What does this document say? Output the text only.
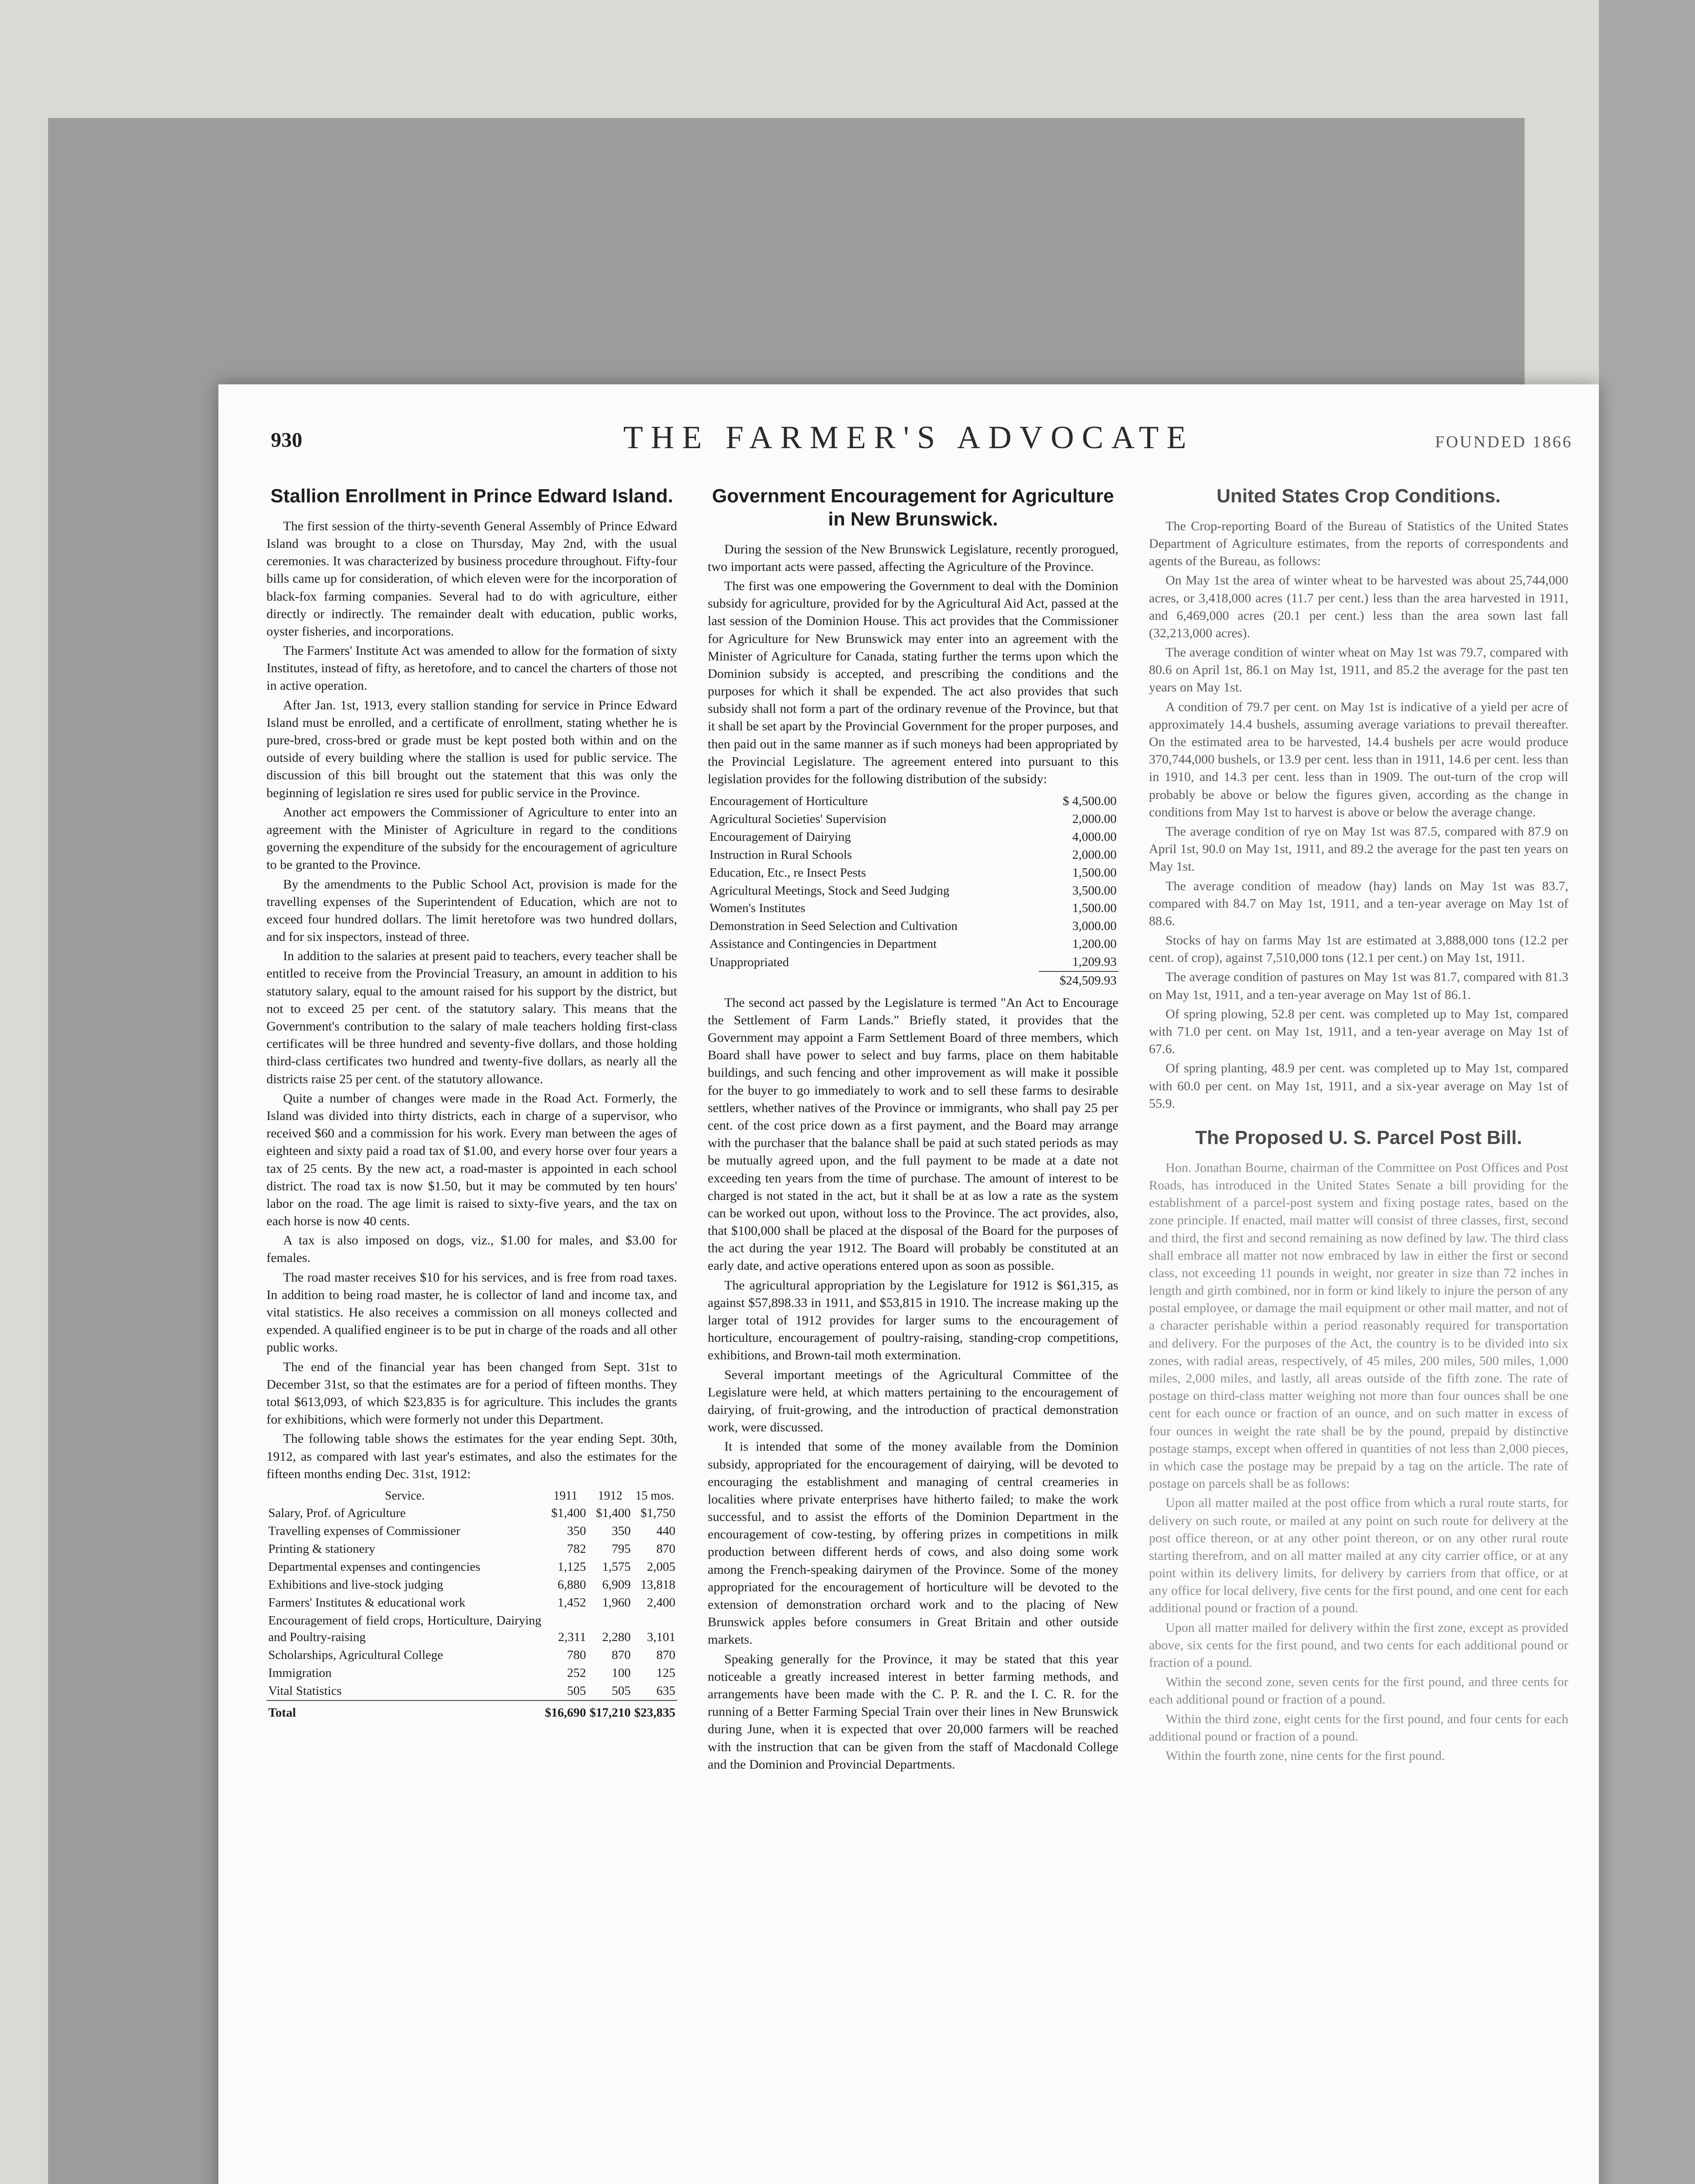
930	THE FARMER'S ADVOCATE	FOUNDED 1866
Stallion Enrollment in Prince Edward Island.

The first session of the thirty-seventh General Assembly of Prince Edward Island was brought to a close on Thursday, May 2nd, with the usual ceremonies. It was characterized by business procedure throughout. Fifty-four bills came up for consideration, of which eleven were for the incorporation of black-fox farming companies. Several had to do with agriculture, either directly or indirectly. The remainder dealt with education, public works, oyster fisheries, and incorporations.

The Farmers' Institute Act was amended to allow for the formation of sixty Institutes, instead of fifty, as heretofore, and to cancel the charters of those not in active operation.

After Jan. 1st, 1913, every stallion standing for service in Prince Edward Island must be enrolled, and a certificate of enrollment, stating whether he is pure-bred, cross-bred or grade must be kept posted both within and on the outside of every building where the stallion is used for public service. The discussion of this bill brought out the statement that this was only the beginning of legislation re sires used for public service in the Province.

Another act empowers the Commissioner of Agriculture to enter into an agreement with the Minister of Agriculture in regard to the conditions governing the expenditure of the subsidy for the encouragement of agriculture to be granted to the Province.

By the amendments to the Public School Act, provision is made for the travelling expenses of the Superintendent of Education, which are not to exceed four hundred dollars. The limit heretofore was two hundred dollars, and for six inspectors, instead of three.

In addition to the salaries at present paid to teachers, every teacher shall be entitled to receive from the Provincial Treasury, an amount in addition to his statutory salary, equal to the amount raised for his support by the district, but not to exceed 25 per cent. of the statutory salary. This means that the Government's contribution to the salary of male teachers holding first-class certificates will be three hundred and seventy-five dollars, and those holding third-class certificates two hundred and twenty-five dollars, as nearly all the districts raise 25 per cent. of the statutory allowance.

Quite a number of changes were made in the Road Act. Formerly, the Island was divided into thirty districts, each in charge of a supervisor, who received $60 and a commission for his work. Every man between the ages of eighteen and sixty paid a road tax of $1.00, and every horse over four years a tax of 25 cents. By the new act, a road-master is appointed in each school district. The road tax is now $1.50, but it may be commuted by ten hours' labor on the road. The age limit is raised to sixty-five years, and the tax on each horse is now 40 cents.

A tax is also imposed on dogs, viz., $1.00 for males, and $3.00 for females.

The road master receives $10 for his services, and is free from road taxes. In addition to being road master, he is collector of land and income tax, and vital statistics. He also receives a commission on all moneys collected and expended. A qualified engineer is to be put in charge of the roads and all other public works.

The end of the financial year has been changed from Sept. 31st to December 31st, so that the estimates are for a period of fifteen months. They total $613,093, of which $23,835 is for agriculture. This includes the grants for exhibitions, which were formerly not under this Department.

The following table shows the estimates for the year ending Sept. 30th, 1912, as compared with last year's estimates, and also the estimates for the fifteen months ending Dec. 31st, 1912:

Service.	1911	1912	15 mos.
Salary, Prof. of Agriculture	$1,400	$1,400	$1,750
Travelling expenses of Commissioner	350	350	440
Printing & stationery	782	795	870
Departmental expenses and contingencies	1,125	1,575	2,005
Exhibitions and live-stock judging	6,880	6,909	13,818
Farmers' Institutes & educational work	1,452	1,960	2,400
Encouragement of field crops, Horticulture, Dairying and Poultry-raising	2,311	2,280	3,101
Scholarships, Agricultural College	780	870	870
Immigration	252	100	125
Vital Statistics	505	505	635
Total	$16,690	$17,210	$23,835
Government Encouragement for Agriculture in New Brunswick.

During the session of the New Brunswick Legislature, recently prorogued, two important acts were passed, affecting the Agriculture of the Province.

The first was one empowering the Government to deal with the Dominion subsidy for agriculture, provided for by the Agricultural Aid Act, passed at the last session of the Dominion House. This act provides that the Commissioner for Agriculture for New Brunswick may enter into an agreement with the Minister of Agriculture for Canada, stating further the terms upon which the Dominion subsidy is accepted, and prescribing the conditions and the purposes for which it shall be expended. The act also provides that such subsidy shall not form a part of the ordinary revenue of the Province, but that it shall be set apart by the Provincial Government for the proper purposes, and then paid out in the same manner as if such moneys had been appropriated by the Provincial Legislature. The agreement entered into pursuant to this legislation provides for the following distribution of the subsidy:

Encouragement of Horticulture	$ 4,500.00
Agricultural Societies' Supervision	2,000.00
Encouragement of Dairying	4,000.00
Instruction in Rural Schools	2,000.00
Education, Etc., re Insect Pests	1,500.00
Agricultural Meetings, Stock and Seed Judging	3,500.00
Women's Institutes	1,500.00
Demonstration in Seed Selection and Cultivation	3,000.00
Assistance and Contingencies in Department	1,200.00
Unappropriated	1,209.93
	$24,509.93

The second act passed by the Legislature is termed "An Act to Encourage the Settlement of Farm Lands." Briefly stated, it provides that the Government may appoint a Farm Settlement Board of three members, which Board shall have power to select and buy farms, place on them habitable buildings, and such fencing and other improvement as will make it possible for the buyer to go immediately to work and to sell these farms to desirable settlers, whether natives of the Province or immigrants, who shall pay 25 per cent. of the cost price down as a first payment, and the Board may arrange with the purchaser that the balance shall be paid at such stated periods as may be mutually agreed upon, and the full payment to be made at a date not exceeding ten years from the time of purchase. The amount of interest to be charged is not stated in the act, but it shall be at as low a rate as the system can be worked out upon, without loss to the Province. The act provides, also, that $100,000 shall be placed at the disposal of the Board for the purposes of the act during the year 1912. The Board will probably be constituted at an early date, and active operations entered upon as soon as possible.

The agricultural appropriation by the Legislature for 1912 is $61,315, as against $57,898.33 in 1911, and $53,815 in 1910. The increase making up the larger total of 1912 provides for larger sums to the encouragement of horticulture, encouragement of poultry-raising, standing-crop competitions, exhibitions, and Brown-tail moth extermination.

Several important meetings of the Agricultural Committee of the Legislature were held, at which matters pertaining to the encouragement of dairying, of fruit-growing, and the introduction of practical demonstration work, were discussed.

It is intended that some of the money available from the Dominion subsidy, appropriated for the encouragement of dairying, will be devoted to encouraging the establishment and managing of central creameries in localities where private enterprises have hitherto failed; to make the work successful, and to assist the efforts of the Dominion Department in the encouragement of cow-testing, by offering prizes in competitions in milk production between different herds of cows, and also doing some work among the French-speaking dairymen of the Province. Some of the money appropriated for the encouragement of horticulture will be devoted to the extension of demonstration orchard work and to the placing of New Brunswick apples before consumers in Great Britain and other outside markets.

Speaking generally for the Province, it may be stated that this year noticeable a greatly increased interest in better farming methods, and arrangements have been made with the C. P. R. and the I. C. R. for the running of a Better Farming Special Train over their lines in New Brunswick during June, when it is expected that over 20,000 farmers will be reached with the instruction that can be given from the staff of Macdonald College and the Dominion and Provincial Departments.

United States Crop Conditions.

The Crop-reporting Board of the Bureau of Statistics of the United States Department of Agriculture estimates, from the reports of correspondents and agents of the Bureau, as follows:

On May 1st the area of winter wheat to be harvested was about 25,744,000 acres, or 3,418,000 acres (11.7 per cent.) less than the area harvested in 1911, and 6,469,000 acres (20.1 per cent.) less than the area sown last fall (32,213,000 acres).

The average condition of winter wheat on May 1st was 79.7, compared with 80.6 on April 1st, 86.1 on May 1st, 1911, and 85.2 the average for the past ten years on May 1st.

A condition of 79.7 per cent. on May 1st is indicative of a yield per acre of approximately 14.4 bushels, assuming average variations to prevail thereafter. On the estimated area to be harvested, 14.4 bushels per acre would produce 370,744,000 bushels, or 13.9 per cent. less than in 1911, 14.6 per cent. less than in 1910, and 14.3 per cent. less than in 1909. The out-turn of the crop will probably be above or below the figures given, according as the change in conditions from May 1st to harvest is above or below the average change.

The average condition of rye on May 1st was 87.5, compared with 87.9 on April 1st, 90.0 on May 1st, 1911, and 89.2 the average for the past ten years on May 1st.

The average condition of meadow (hay) lands on May 1st was 83.7, compared with 84.7 on May 1st, 1911, and a ten-year average on May 1st of 88.6.

Stocks of hay on farms May 1st are estimated at 3,888,000 tons (12.2 per cent. of crop), against 7,510,000 tons (12.1 per cent.) on May 1st, 1911.

The average condition of pastures on May 1st was 81.7, compared with 81.3 on May 1st, 1911, and a ten-year average on May 1st of 86.1.

Of spring plowing, 52.8 per cent. was completed up to May 1st, compared with 71.0 per cent. on May 1st, 1911, and a ten-year average on May 1st of 67.6.

Of spring planting, 48.9 per cent. was completed up to May 1st, compared with 60.0 per cent. on May 1st, 1911, and a six-year average on May 1st of 55.9.

The Proposed U. S. Parcel Post Bill.

Hon. Jonathan Bourne, chairman of the Committee on Post Offices and Post Roads, has introduced in the United States Senate a bill providing for the establishment of a parcel-post system and fixing postage rates, based on the zone principle. If enacted, mail matter will consist of three classes, first, second and third, the first and second remaining as now defined by law. The third class shall embrace all matter not now embraced by law in either the first or second class, not exceeding 11 pounds in weight, nor greater in size than 72 inches in length and girth combined, nor in form or kind likely to injure the person of any postal employee, or damage the mail equipment or other mail matter, and not of a character perishable within a period reasonably required for transportation and delivery. For the purposes of the Act, the country is to be divided into six zones, with radial areas, respectively, of 45 miles, 200 miles, 500 miles, 1,000 miles, 2,000 miles, and lastly, all areas outside of the fifth zone. The rate of postage on third-class matter weighing not more than four ounces shall be one cent for each ounce or fraction of an ounce, and on such matter in excess of four ounces in weight the rate shall be by the pound, prepaid by distinctive postage stamps, except when offered in quantities of not less than 2,000 pieces, in which case the postage may be prepaid by a tag on the article. The rate of postage on parcels shall be as follows:

Upon all matter mailed at the post office from which a rural route starts, for delivery on such route, or mailed at any point on such route for delivery at the post office thereon, or at any other point thereon, or on any other rural route starting therefrom, and on all matter mailed at any city carrier office, or at any point within its delivery limits, for delivery by carriers from that office, or at any office for local delivery, five cents for the first pound, and one cent for each additional pound or fraction of a pound.

Upon all matter mailed for delivery within the first zone, except as provided above, six cents for the first pound, and two cents for each additional pound or fraction of a pound.

Within the second zone, seven cents for the first pound, and three cents for each additional pound or fraction of a pound.

Within the third zone, eight cents for the first pound, and four cents for each additional pound or fraction of a pound.

Within the fourth zone, nine cents for the first pound.
